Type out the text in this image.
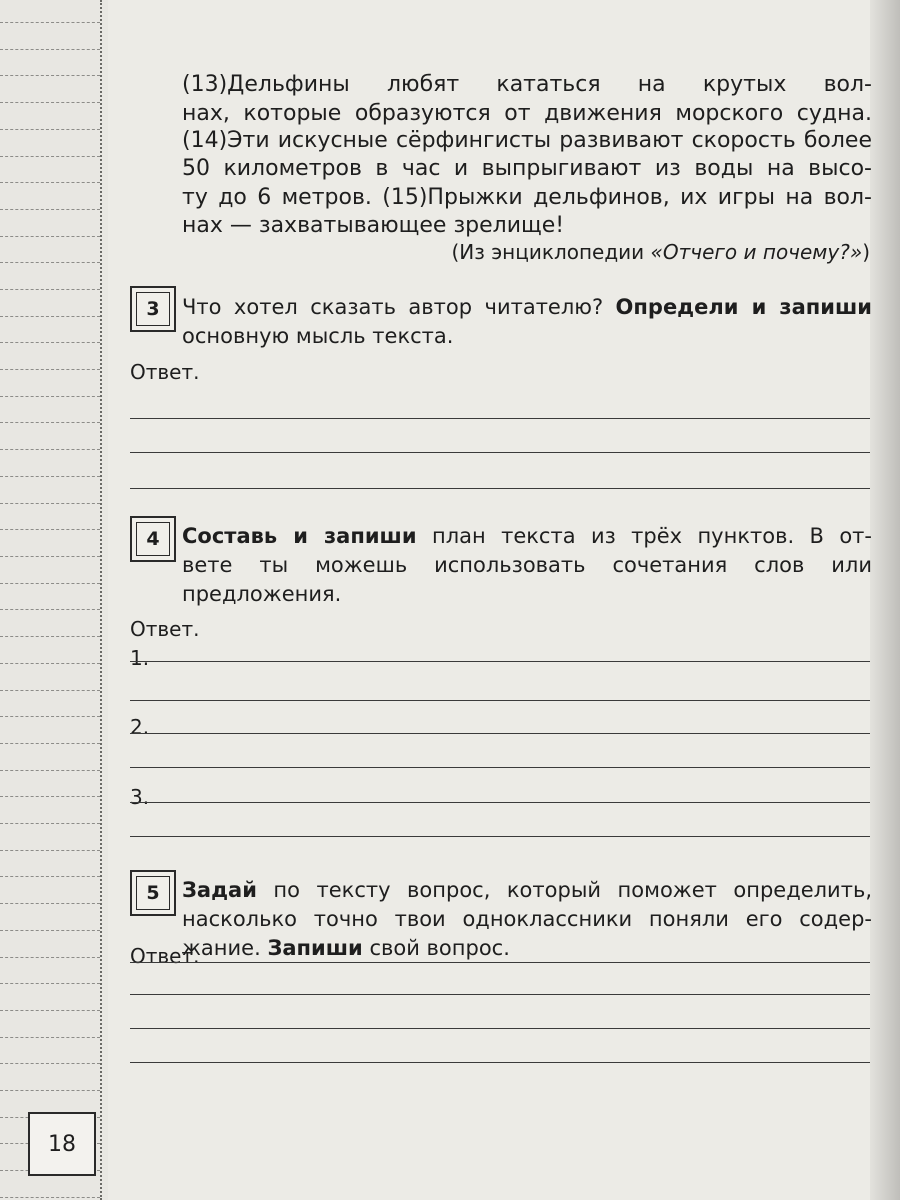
18
(13)Дельфины любят кататься на крутых вол-
нах, которые образуются от движения морского судна.
(14)Эти искусные сёрфингисты развивают скорость более
50 километров в час и выпрыгивают из воды на высо-
ту до 6 метров. (15)Прыжки дельфинов, их игры на вол-
нах — захватывающее зрелище!
(Из энциклопедии «Отчего и почему?»)
3	Что хотел сказать автор читателю? Определи и запиши
основную мысль текста.
Ответ.
4	Составь и запиши план текста из трёх пунктов. В от-
вете ты можешь использовать сочетания слов или
предложения.
Ответ.
1.
2.
3.
5	Задай по тексту вопрос, который поможет определить,
насколько точно твои одноклассники поняли его содер-
жание. Запиши свой вопрос.
Ответ.
